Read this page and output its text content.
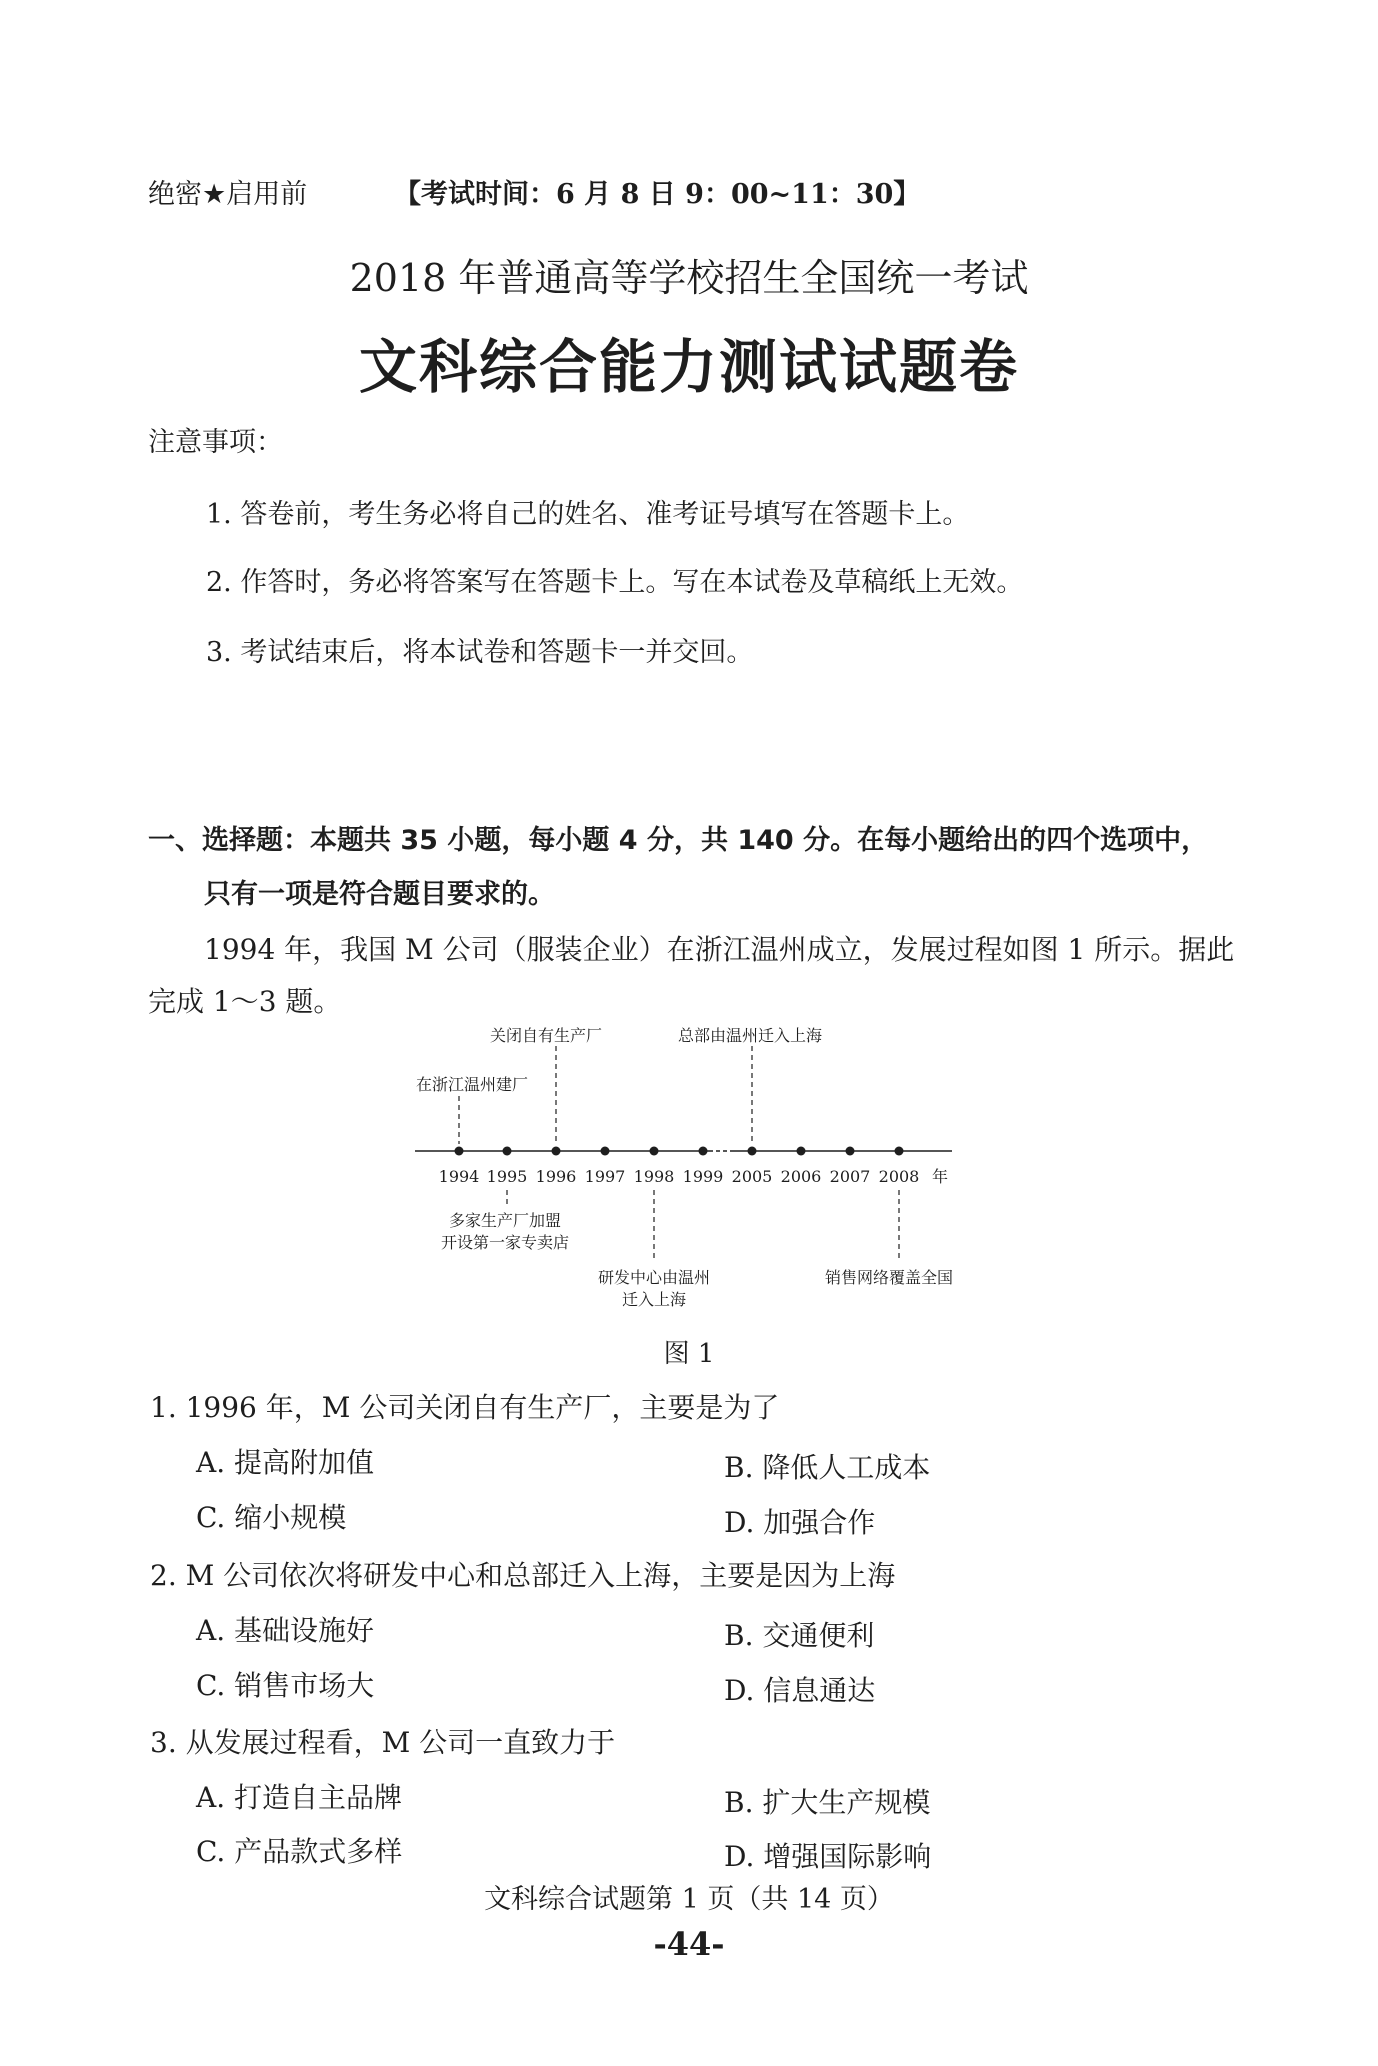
绝密★启用前	【考试时间：6 月 8 日 9：00~11：30】
2018 年普通高等学校招生全国统一考试
文科综合能力测试试题卷
注意事项：
1. 答卷前，考生务必将自己的姓名、准考证号填写在答题卡上。
2. 作答时，务必将答案写在答题卡上。写在本试卷及草稿纸上无效。
3. 考试结束后，将本试卷和答题卡一并交回。
一、选择题：本题共 35 小题，每小题 4 分，共 140 分。在每小题给出的四个选项中，
只有一项是符合题目要求的。
1994 年，我国 M 公司（服装企业）在浙江温州成立，发展过程如图 1 所示。据此
完成 1～3 题。
1994 1995 1996 1997 1998 1999 2005 2006 2007 2008 年
在浙江温州建厂
关闭自有生产厂	总部由温州迁入上海
多家生产厂加盟
开设第一家专卖店
研发中心由温州
迁入上海
销售网络覆盖全国
图 1
1. 1996 年，M 公司关闭自有生产厂，主要是为了
A. 提高附加值	B. 降低人工成本
C. 缩小规模	D. 加强合作
2. M 公司依次将研发中心和总部迁入上海，主要是因为上海
A. 基础设施好	B. 交通便利
C. 销售市场大	D. 信息通达
3. 从发展过程看，M 公司一直致力于
A. 打造自主品牌	B. 扩大生产规模
C. 产品款式多样	D. 增强国际影响
文科综合试题第 1 页（共 14 页）
-44-
